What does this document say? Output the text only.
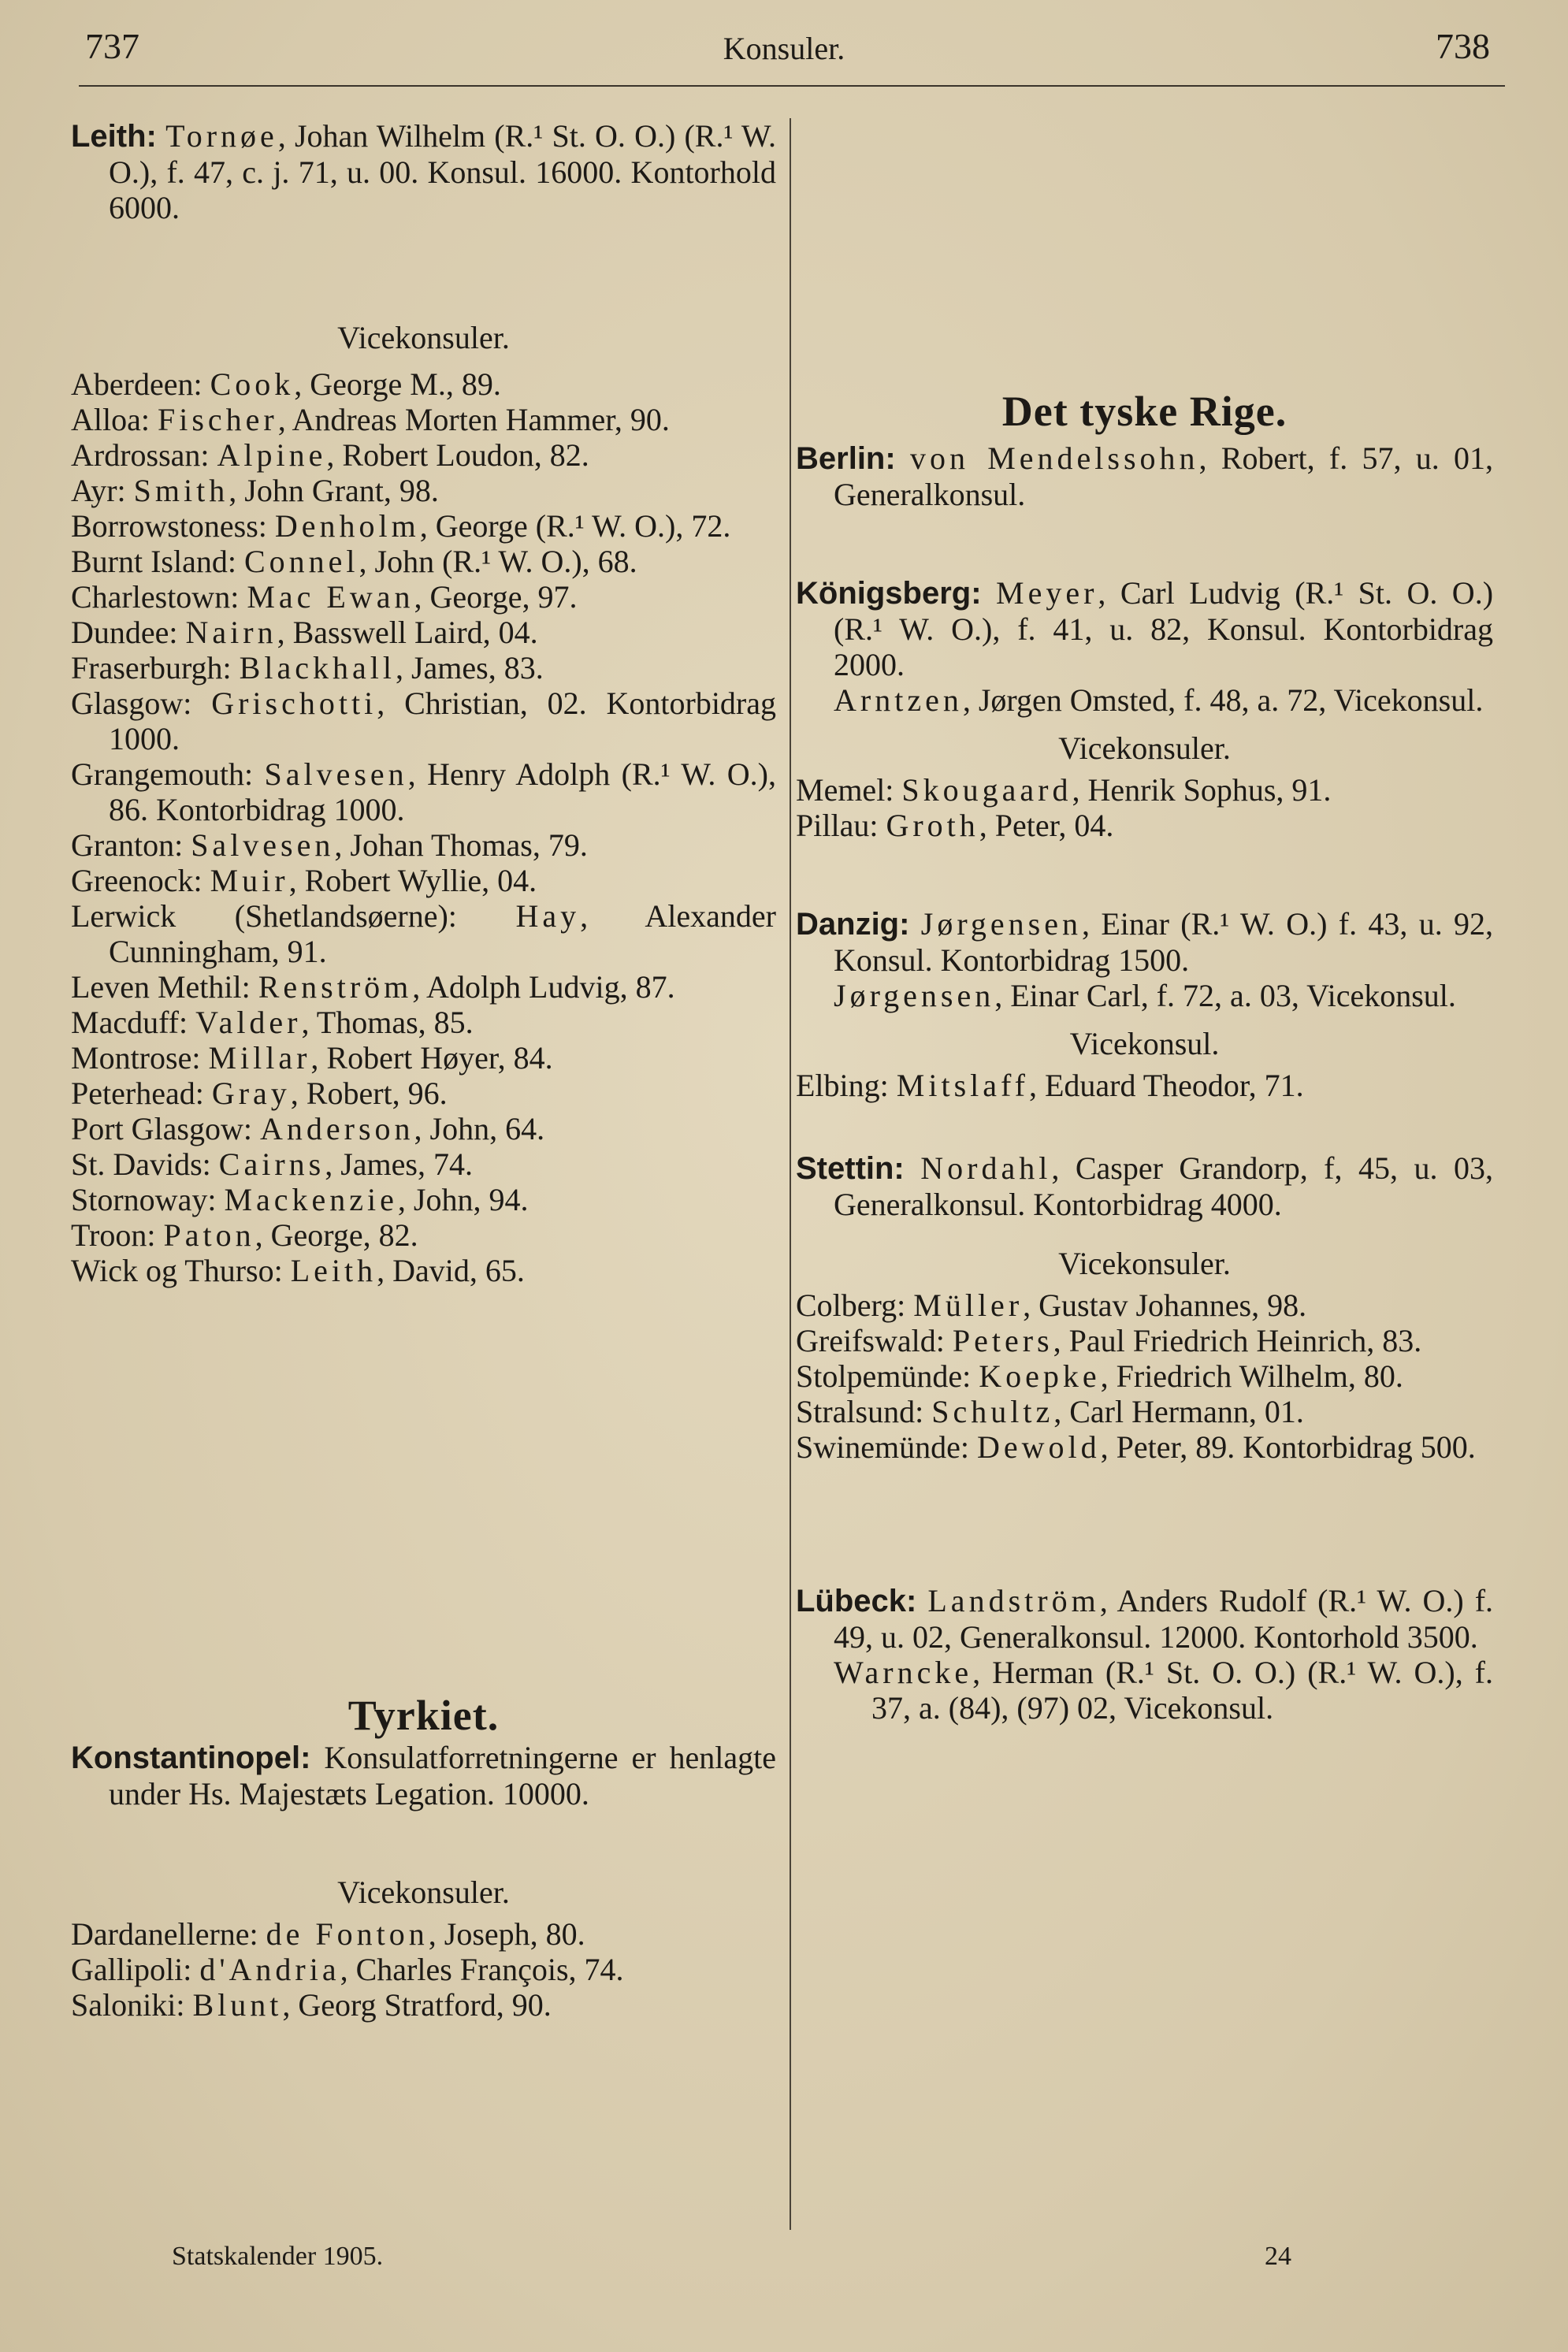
737	Konsuler.	738

Leith: Tornøe, Johan Wilhelm (R.¹ St. O. O.) (R.¹ W. O.), f. 47, c. j. 71, u. 00. Konsul. 16000. Kontorhold 6000.

Vicekonsuler.

Aberdeen: Cook, George M., 89.

Alloa: Fischer, Andreas Morten Hammer, 90.

Ardrossan: Alpine, Robert Loudon, 82.

Ayr: Smith, John Grant, 98.

Borrowstoness: Denholm, George (R.¹ W. O.), 72.

Burnt Island: Connel, John (R.¹ W. O.), 68.

Charlestown: Mac Ewan, George, 97.

Dundee: Nairn, Basswell Laird, 04.

Fraserburgh: Blackhall, James, 83.

Glasgow: Grischotti, Christian, 02. Kontorbidrag 1000.

Grangemouth: Salvesen, Henry Adolph (R.¹ W. O.), 86. Kontorbidrag 1000.

Granton: Salvesen, Johan Thomas, 79.

Greenock: Muir, Robert Wyllie, 04.

Lerwick (Shetlandsøerne): Hay, Alexander Cunningham, 91.

Leven Methil: Renström, Adolph Ludvig, 87.

Macduff: Valder, Thomas, 85.

Montrose: Millar, Robert Høyer, 84.

Peterhead: Gray, Robert, 96.

Port Glasgow: Anderson, John, 64.

St. Davids: Cairns, James, 74.

Stornoway: Mackenzie, John, 94.

Troon: Paton, George, 82.

Wick og Thurso: Leith, David, 65.

Tyrkiet.

Konstantinopel: Konsulatforretningerne er henlagte under Hs. Majestæts Legation. 10000.

Vicekonsuler.

Dardanellerne: de Fonton, Joseph, 80.

Gallipoli: d'Andria, Charles François, 74.

Saloniki: Blunt, Georg Stratford, 90.

Det tyske Rige.

Berlin: von Mendelssohn, Robert, f. 57, u. 01, Generalkonsul.

Königsberg: Meyer, Carl Ludvig (R.¹ St. O. O.) (R.¹ W. O.), f. 41, u. 82, Konsul. Kontorbidrag 2000.

Arntzen, Jørgen Omsted, f. 48, a. 72, Vicekonsul.

Vicekonsuler.

Memel: Skougaard, Henrik Sophus, 91.

Pillau: Groth, Peter, 04.

Danzig: Jørgensen, Einar (R.¹ W. O.) f. 43, u. 92, Konsul. Kontorbidrag 1500.

Jørgensen, Einar Carl, f. 72, a. 03, Vicekonsul.

Vicekonsul.

Elbing: Mitslaff, Eduard Theodor, 71.

Stettin: Nordahl, Casper Grandorp, f, 45, u. 03, Generalkonsul. Kontorbidrag 4000.

Vicekonsuler.

Colberg: Müller, Gustav Johannes, 98.

Greifswald: Peters, Paul Friedrich Heinrich, 83.

Stolpemünde: Koepke, Friedrich Wilhelm, 80.

Stralsund: Schultz, Carl Hermann, 01.

Swinemünde: Dewold, Peter, 89. Kontorbidrag 500.

Lübeck: Landström, Anders Rudolf (R.¹ W. O.) f. 49, u. 02, Generalkonsul. 12000. Kontorhold 3500.

Warncke, Herman (R.¹ St. O. O.) (R.¹ W. O.), f. 37, a. (84), (97) 02, Vicekonsul.

Statskalender 1905.	24
